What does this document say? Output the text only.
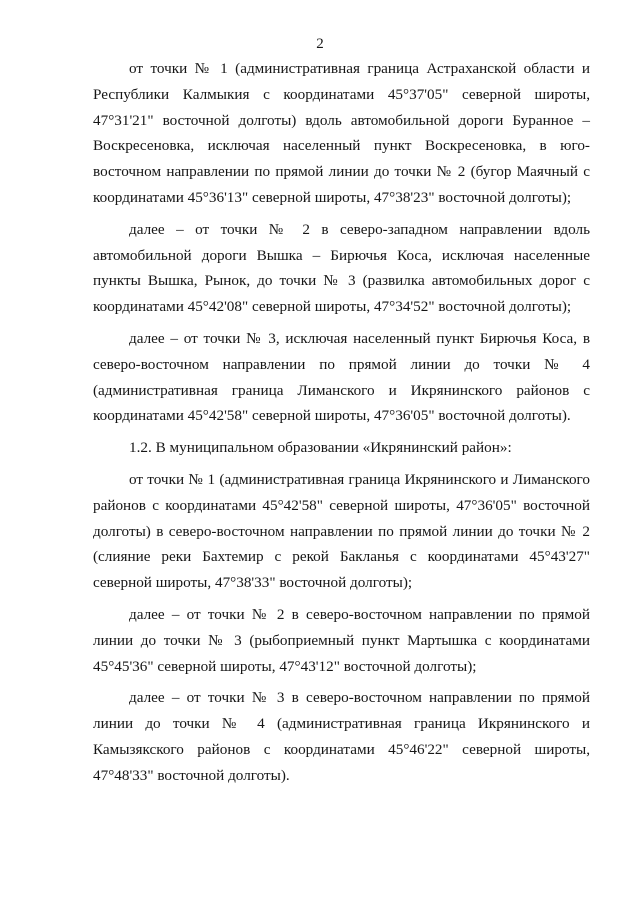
2

от точки № 1 (административная граница Астраханской области и Республики Калмыкия с координатами 45°37'05" северной широты, 47°31'21" восточной долготы) вдоль автомобильной дороги Буранное – Воскресеновка, исключая населенный пункт Воскресеновка, в юго-восточном направлении по прямой линии до точки № 2 (бугор Маячный с координатами 45°36'13" северной широты, 47°38'23" восточной долготы);

далее – от точки № 2 в северо-западном направлении вдоль автомобильной дороги Вышка – Бирючья Коса, исключая населенные пункты Вышка, Рынок, до точки № 3 (развилка автомобильных дорог с координатами 45°42'08" северной широты, 47°34'52" восточной долготы);

далее – от точки № 3, исключая населенный пункт Бирючья Коса, в северо-восточном направлении по прямой линии до точки № 4 (административная граница Лиманского и Икрянинского районов с координатами 45°42'58" северной широты, 47°36'05" восточной долготы).

1.2. В муниципальном образовании «Икрянинский район»:

от точки № 1 (административная граница Икрянинского и Лиманского районов с координатами 45°42'58" северной широты, 47°36'05" восточной долготы) в северо-восточном направлении по прямой линии до точки № 2 (слияние реки Бахтемир с рекой Бакланья с координатами 45°43'27" северной широты, 47°38'33" восточной долготы);

далее – от точки № 2 в северо-восточном направлении по прямой линии до точки № 3 (рыбоприемный пункт Мартышка с координатами 45°45'36" северной широты, 47°43'12" восточной долготы);

далее – от точки № 3 в северо-восточном направлении по прямой линии до точки № 4 (административная граница Икрянинского и Камызякского районов с координатами 45°46'22" северной широты, 47°48'33" восточной долготы).
